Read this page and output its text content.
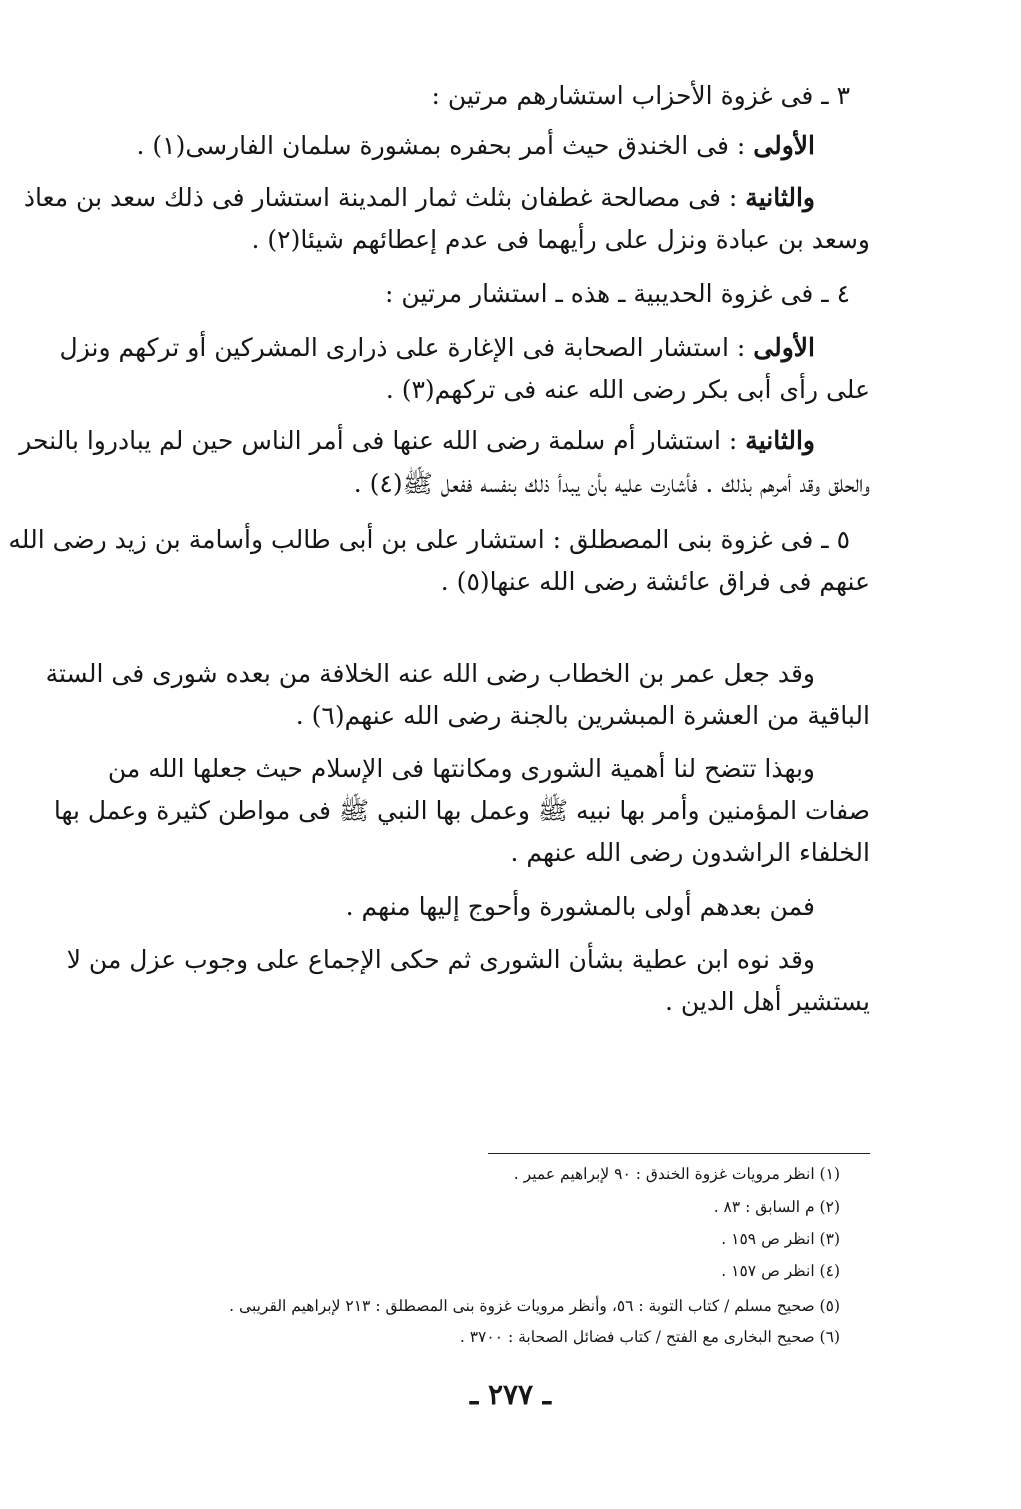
٣ ـ فى غزوة الأحزاب استشارهم مرتين :
الأولى : فى الخندق حيث أمر بحفره بمشورة سلمان الفارسى(١) .
والثانية : فى مصالحة غطفان بثلث ثمار المدينة استشار فى ذلك سعد بن معاذ
وسعد بن عبادة ونزل على رأيهما فى عدم إعطائهم شيئا(٢) .
٤ ـ فى غزوة الحديبية ـ هذه ـ استشار مرتين :
الأولى : استشار الصحابة فى الإغارة على ذرارى المشركين أو تركهم ونزل
على رأى أبى بكر رضى الله عنه فى تركهم(٣) .
والثانية : استشار أم سلمة رضى الله عنها فى أمر الناس حين لم يبادروا بالنحر
والحلق وقد أمرهم بذلك . فأشارت عليه بأن يبدأ ذلك بنفسه ففعل ﷺ(٤) .
٥ ـ فى غزوة بنى المصطلق : استشار على بن أبى طالب وأسامة بن زيد رضى الله
عنهم فى فراق عائشة رضى الله عنها(٥) .
وقد جعل عمر بن الخطاب رضى الله عنه الخلافة من بعده شورى فى الستة
الباقية من العشرة المبشرين بالجنة رضى الله عنهم(٦) .
وبهذا تتضح لنا أهمية الشورى ومكانتها فى الإسلام حيث جعلها الله من
صفات المؤمنين وأمر بها نبيه ﷺ وعمل بها النبي ﷺ فى مواطن كثيرة وعمل بها
الخلفاء الراشدون رضى الله عنهم .
فمن بعدهم أولى بالمشورة وأحوج إليها منهم .
وقد نوه ابن عطية بشأن الشورى ثم حكى الإجماع على وجوب عزل من لا
يستشير أهل الدين .
(١) انظر مرويات غزوة الخندق : ٩٠ لإبراهيم عمير .
(٢) م السابق : ٨٣ .
(٣) انظر ص ١٥٩ .
(٤) انظر ص ١٥٧ .
(٥) صحيح مسلم / كتاب التوبة : ٥٦، وأنظر مرويات غزوة بنى المصطلق : ٢١٣ لإبراهيم القريبى .
(٦) صحيح البخارى مع الفتح / كتاب فضائل الصحابة : ٣٧٠٠ .
ـ ٢٧٧ ـ
